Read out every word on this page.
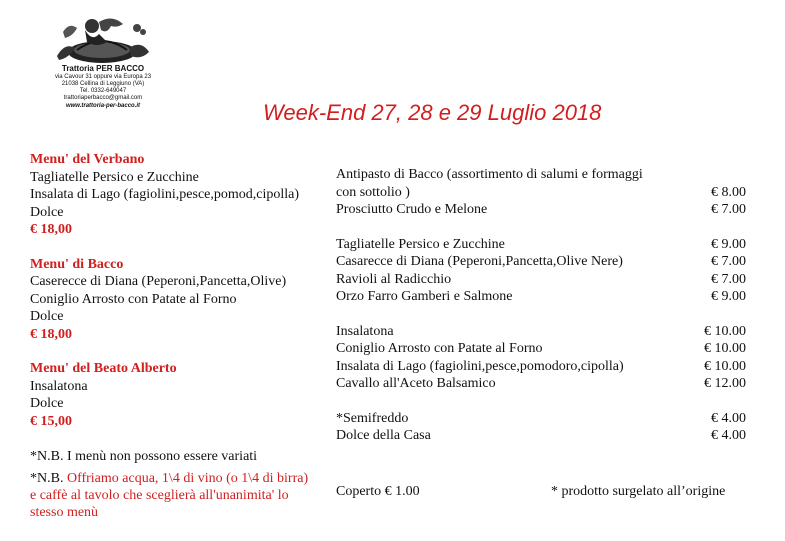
Trattoria PER BACCO
via Cavour 31 oppure via Europa 23
21038 Cellina di Leggiuno (VA)
Tel. 0332-649047
trattoriaperbacco@gmail.com
www.trattoria-per-bacco.it	Week-End 27, 28 e 29 Luglio 2018
Menu' del Verbano
Tagliatelle Persico e Zucchine
Insalata di Lago (fagiolini,pesce,pomod,cipolla)
Dolce
€ 18,00
Menu' di Bacco
Caserecce di Diana (Peperoni,Pancetta,Olive)
Coniglio Arrosto con Patate al Forno
Dolce
€ 18,00
Menu' del Beato Alberto
Insalatona
Dolce
€ 15,00
*N.B. I menù non possono essere variati
*N.B. Offriamo acqua, 1\4 di vino (o 1\4 di birra) e caffè al tavolo che sceglierà all'unanimita' lo stesso menù
Antipasto di Bacco (assortimento di salumi e formaggi
con sottolio )	€ 8.00
Prosciutto Crudo e Melone	€ 7.00
Tagliatelle Persico e Zucchine	€ 9.00
Casarecce di Diana (Peperoni,Pancetta,Olive Nere)	€ 7.00
Ravioli al Radicchio	€ 7.00
Orzo Farro Gamberi e Salmone	€ 9.00
Insalatona	€ 10.00
Coniglio Arrosto con Patate al Forno	€ 10.00
Insalata di Lago (fagiolini,pesce,pomodoro,cipolla)	€ 10.00
Cavallo all'Aceto Balsamico	€ 12.00
*Semifreddo	€ 4.00
Dolce della Casa	€ 4.00
Coperto € 1.00	* prodotto surgelato all’origine
